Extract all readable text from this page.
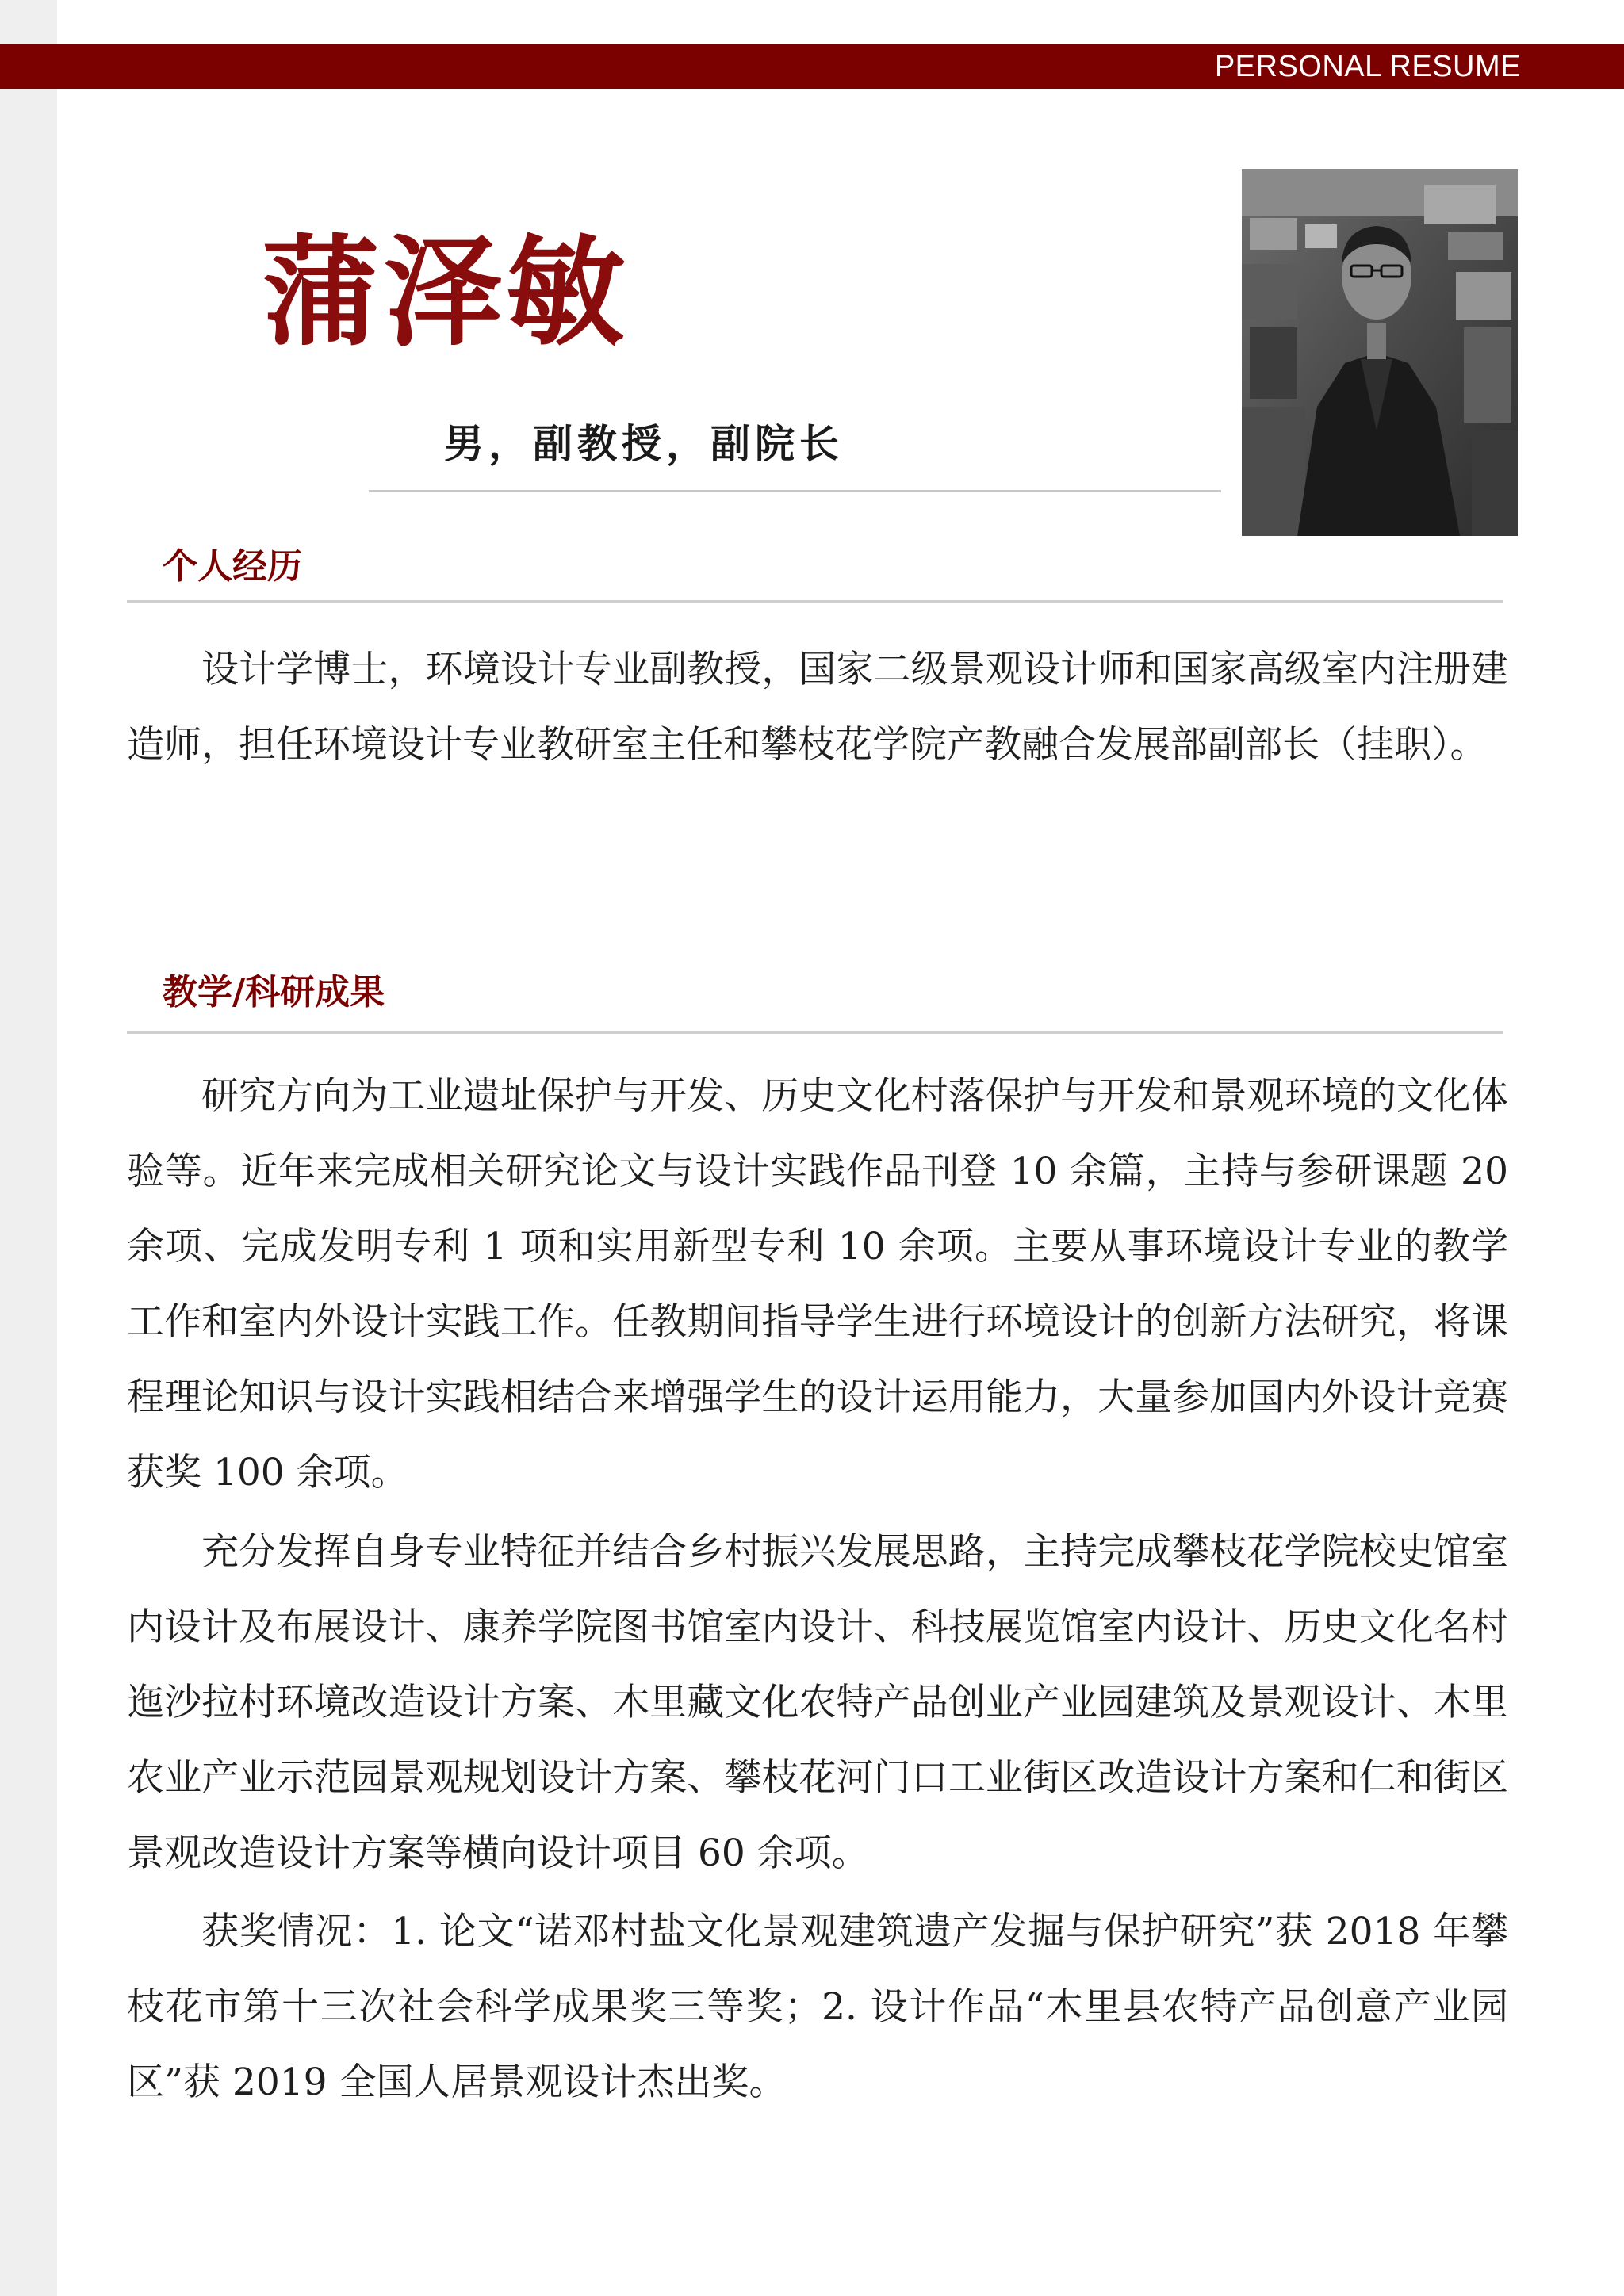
PERSONAL RESUME
蒲泽敏
男，副教授，副院长
个人经历

设计学博士，环境设计专业副教授，国家二级景观设计师和国家高级室内注册建造师，担任环境设计专业教研室主任和攀枝花学院产教融合发展部副部长（挂职）。

教学/科研成果

研究方向为工业遗址保护与开发、历史文化村落保护与开发和景观环境的文化体验等。近年来完成相关研究论文与设计实践作品刊登 10 余篇，主持与参研课题 20 余项、完成发明专利 1 项和实用新型专利 10 余项。主要从事环境设计专业的教学工作和室内外设计实践工作。任教期间指导学生进行环境设计的创新方法研究，将课程理论知识与设计实践相结合来增强学生的设计运用能力，大量参加国内外设计竞赛获奖 100 余项。

充分发挥自身专业特征并结合乡村振兴发展思路，主持完成攀枝花学院校史馆室内设计及布展设计、康养学院图书馆室内设计、科技展览馆室内设计、历史文化名村迤沙拉村环境改造设计方案、木里藏文化农特产品创业产业园建筑及景观设计、木里农业产业示范园景观规划设计方案、攀枝花河门口工业街区改造设计方案和仁和街区景观改造设计方案等横向设计项目 60 余项。

获奖情况：1. 论文“诺邓村盐文化景观建筑遗产发掘与保护研究”获 2018 年攀枝花市第十三次社会科学成果奖三等奖；2. 设计作品“木里县农特产品创意产业园区”获 2019 全国人居景观设计杰出奖。
